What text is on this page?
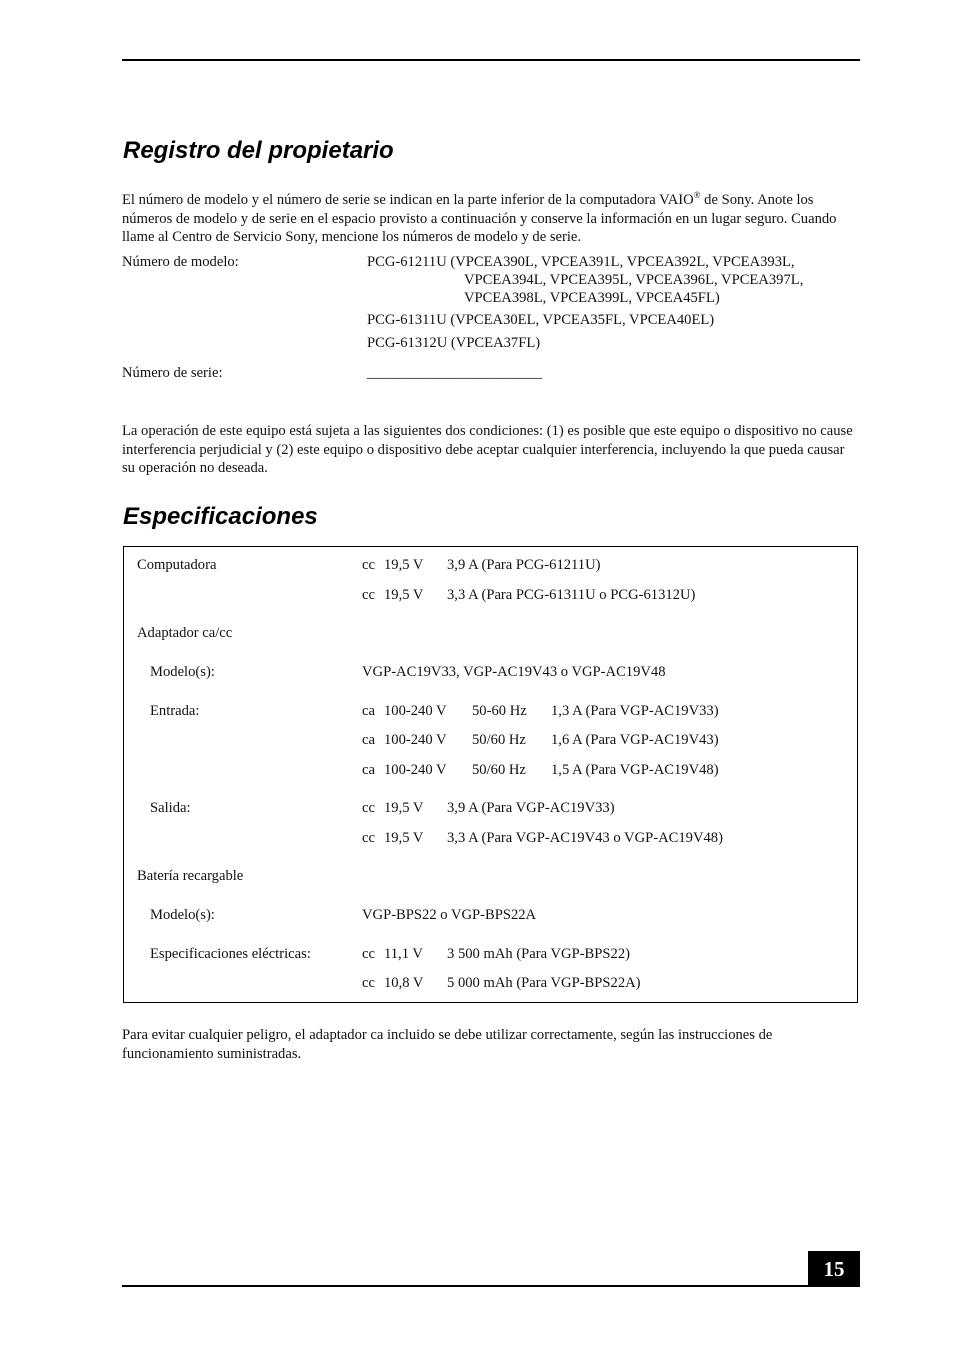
Registro del propietario

El número de modelo y el número de serie se indican en la parte inferior de la computadora VAIO® de Sony. Anote los números de modelo y de serie en el espacio provisto a continuación y conserve la información en un lugar seguro. Cuando llame al Centro de Servicio Sony, mencione los números de modelo y de serie.

Número de modelo:	PCG-61211U (VPCEA390L, VPCEA391L, VPCEA392L, VPCEA393L,
VPCEA394L, VPCEA395L, VPCEA396L, VPCEA397L,
VPCEA398L, VPCEA399L, VPCEA45FL)
PCG-61311U (VPCEA30EL, VPCEA35FL, VPCEA40EL)
PCG-61312U (VPCEA37FL)
Número de serie:	________________________

La operación de este equipo está sujeta a las siguientes dos condiciones: (1) es posible que este equipo o dispositivo no cause interferencia perjudicial y (2) este equipo o dispositivo debe aceptar cualquier interferencia, incluyendo la que pueda causar su operación no deseada.

Especificaciones
Computadora	cc 19,5 V 3,9 A (Para PCG-61211U)
cc 19,5 V 3,3 A (Para PCG-61311U o PCG-61312U)
Adaptador ca/cc
Modelo(s):	VGP-AC19V33, VGP-AC19V43 o VGP-AC19V48
Entrada:	ca 100-240 V 50-60 Hz 1,3 A (Para VGP-AC19V33)
ca 100-240 V 50/60 Hz 1,6 A (Para VGP-AC19V43)
ca 100-240 V 50/60 Hz 1,5 A (Para VGP-AC19V48)
Salida:	cc 19,5 V 3,9 A (Para VGP-AC19V33)
cc 19,5 V 3,3 A (Para VGP-AC19V43 o VGP-AC19V48)
Batería recargable
Modelo(s):	VGP-BPS22 o VGP-BPS22A
Especificaciones eléctricas:	cc 11,1 V 3 500 mAh (Para VGP-BPS22)
cc 10,8 V 5 000 mAh (Para VGP-BPS22A)

Para evitar cualquier peligro, el adaptador ca incluido se debe utilizar correctamente, según las instrucciones de funcionamiento suministradas.

15
